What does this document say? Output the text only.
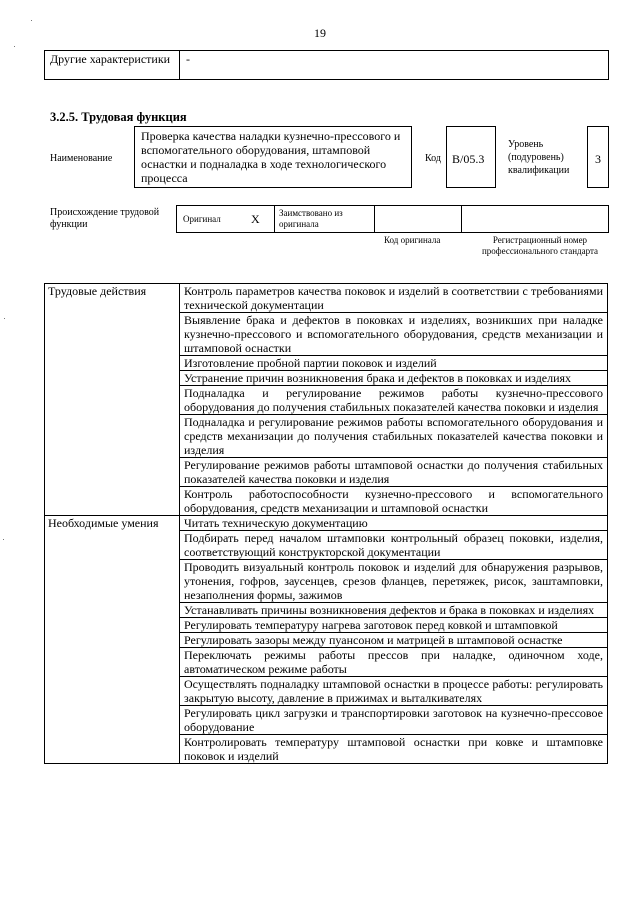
19
Другие характеристики	-
3.2.5. Трудовая функция
Наименование
Проверка качества наладки кузнечно-прессового и вспомогательного оборудования, штамповой оснастки и подналадка в ходе технологического процесса
Код B/05.3
Уровень (подуровень) квалификации
3
Происхождение трудовой функции	Оригинал	X Заимствовано из оригинала
Код оригинала	Регистрационный номер профессионального стандарта
Трудовые действия	Контроль параметров качества поковок и изделий в соответствии с требованиями технической документации
	Выявление брака и дефектов в поковках и изделиях, возникших при наладке кузнечно-прессового и вспомогательного оборудования, средств механизации и штамповой оснастки
	Изготовление пробной партии поковок и изделий
	Устранение причин возникновения брака и дефектов в поковках и изделиях
	Подналадка и регулирование режимов работы кузнечно-прессового оборудования до получения стабильных показателей качества поковки и изделия
	Подналадка и регулирование режимов работы вспомогательного оборудования и средств механизации до получения стабильных показателей качества поковки и изделия
	Регулирование режимов работы штамповой оснастки до получения стабильных показателей качества поковки и изделия
	Контроль работоспособности кузнечно-прессового и вспомогательного оборудования, средств механизации и штамповой оснастки
Необходимые умения	Читать техническую документацию
	Подбирать перед началом штамповки контрольный образец поковки, изделия, соответствующий конструкторской документации
	Проводить визуальный контроль поковок и изделий для обнаружения разрывов, утонения, гофров, заусенцев, срезов фланцев, перетяжек, рисок, заштамповки, незаполнения формы, зажимов
	Устанавливать причины возникновения дефектов и брака в поковках и изделиях
	Регулировать температуру нагрева заготовок перед ковкой и штамповкой
	Регулировать зазоры между пуансоном и матрицей в штамповой оснастке
	Переключать режимы работы прессов при наладке, одиночном ходе, автоматическом режиме работы
	Осуществлять подналадку штамповой оснастки в процессе работы: регулировать закрытую высоту, давление в прижимах и выталкивателях
	Регулировать цикл загрузки и транспортировки заготовок на кузнечно-прессовое оборудование
	Контролировать температуру штамповой оснастки при ковке и штамповке поковок и изделий
